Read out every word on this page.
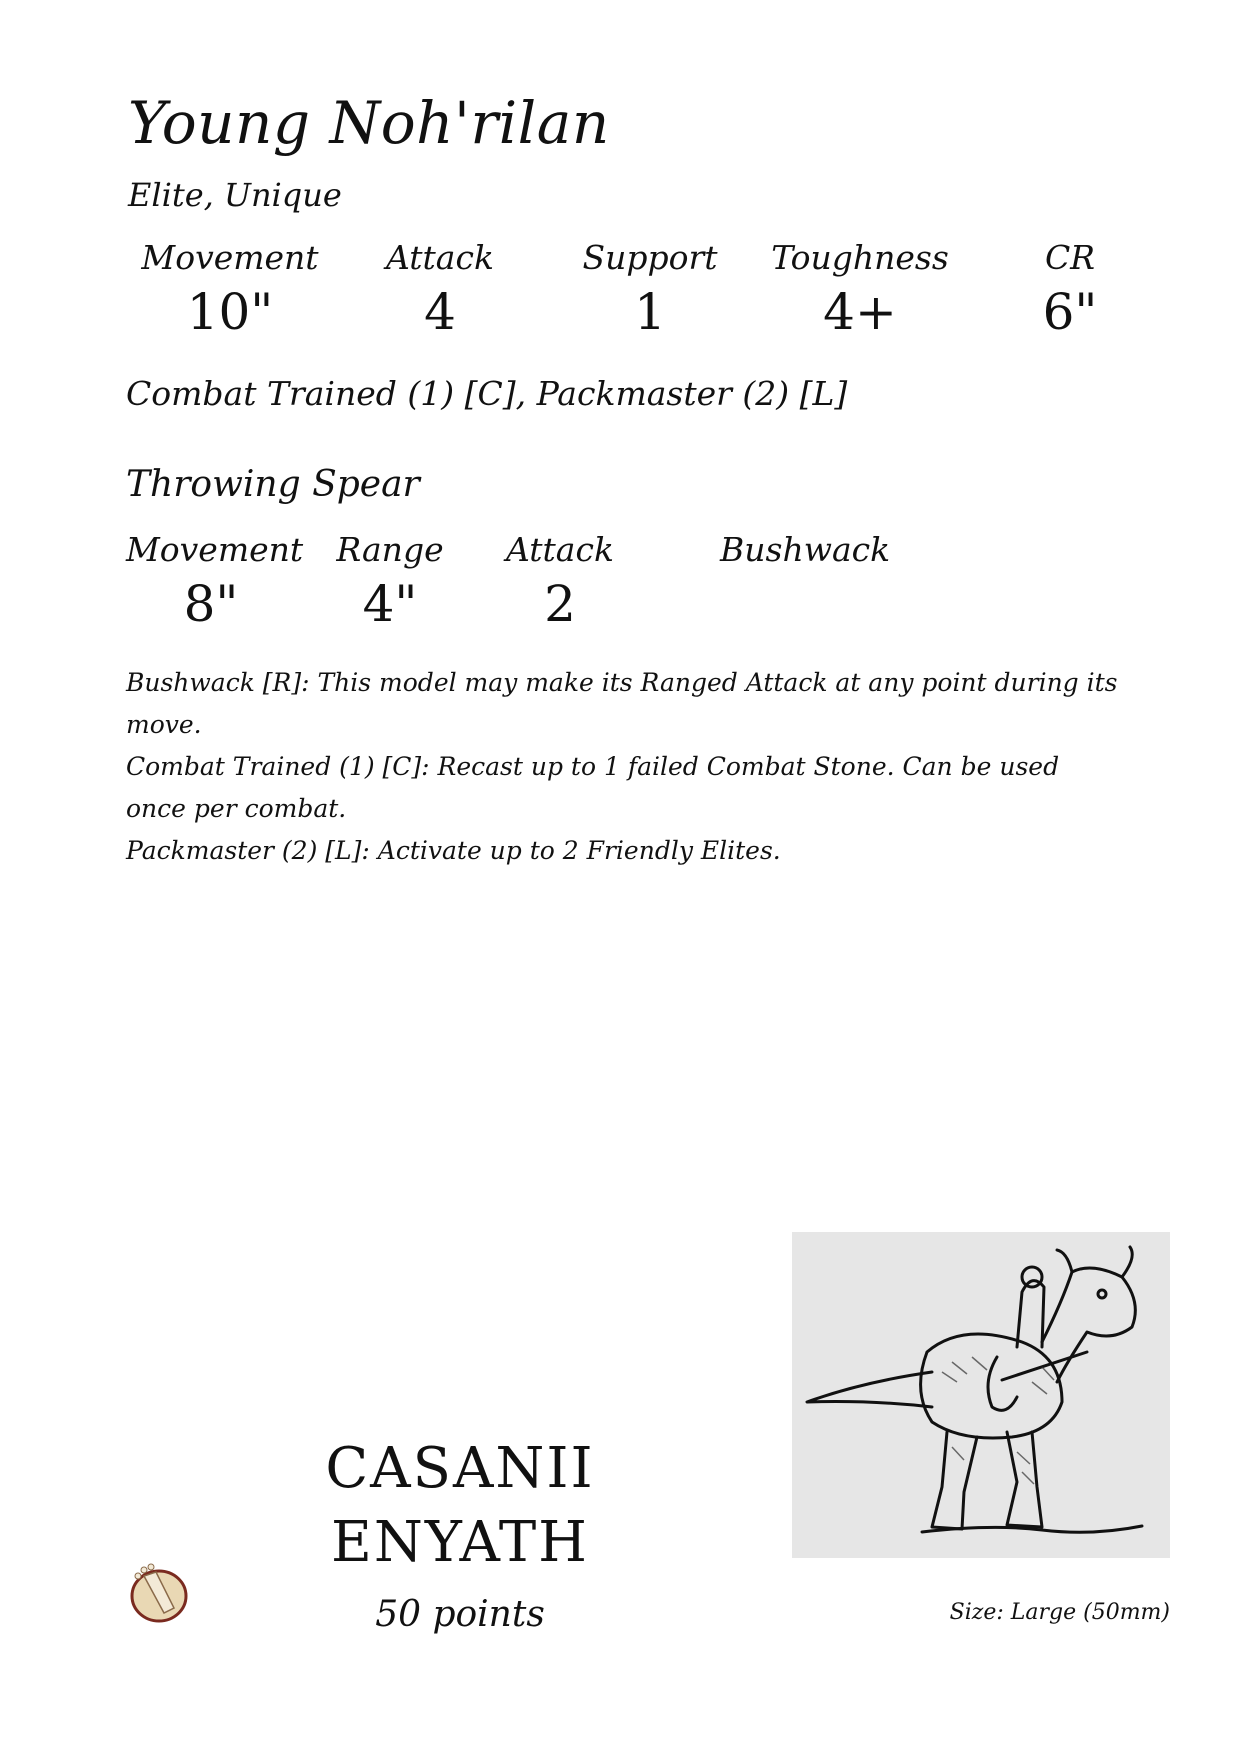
Young Noh'rilan
Elite, Unique
Movement
10"
Attack
4
Support
1
Toughness
4+
CR
6"
Combat Trained (1) [C], Packmaster (2) [L]
Throwing Spear
Movement
8"
Range
4"
Attack
2
Bushwack

Bushwack [R]: This model may make its Ranged Attack at any point during its move.

Combat Trained (1) [C]: Recast up to 1 failed Combat Stone. Can be used once per combat.

Packmaster (2) [L]: Activate up to 2 Friendly Elites.

CASANII
ENYATH
50 points	Size: Large (50mm)
